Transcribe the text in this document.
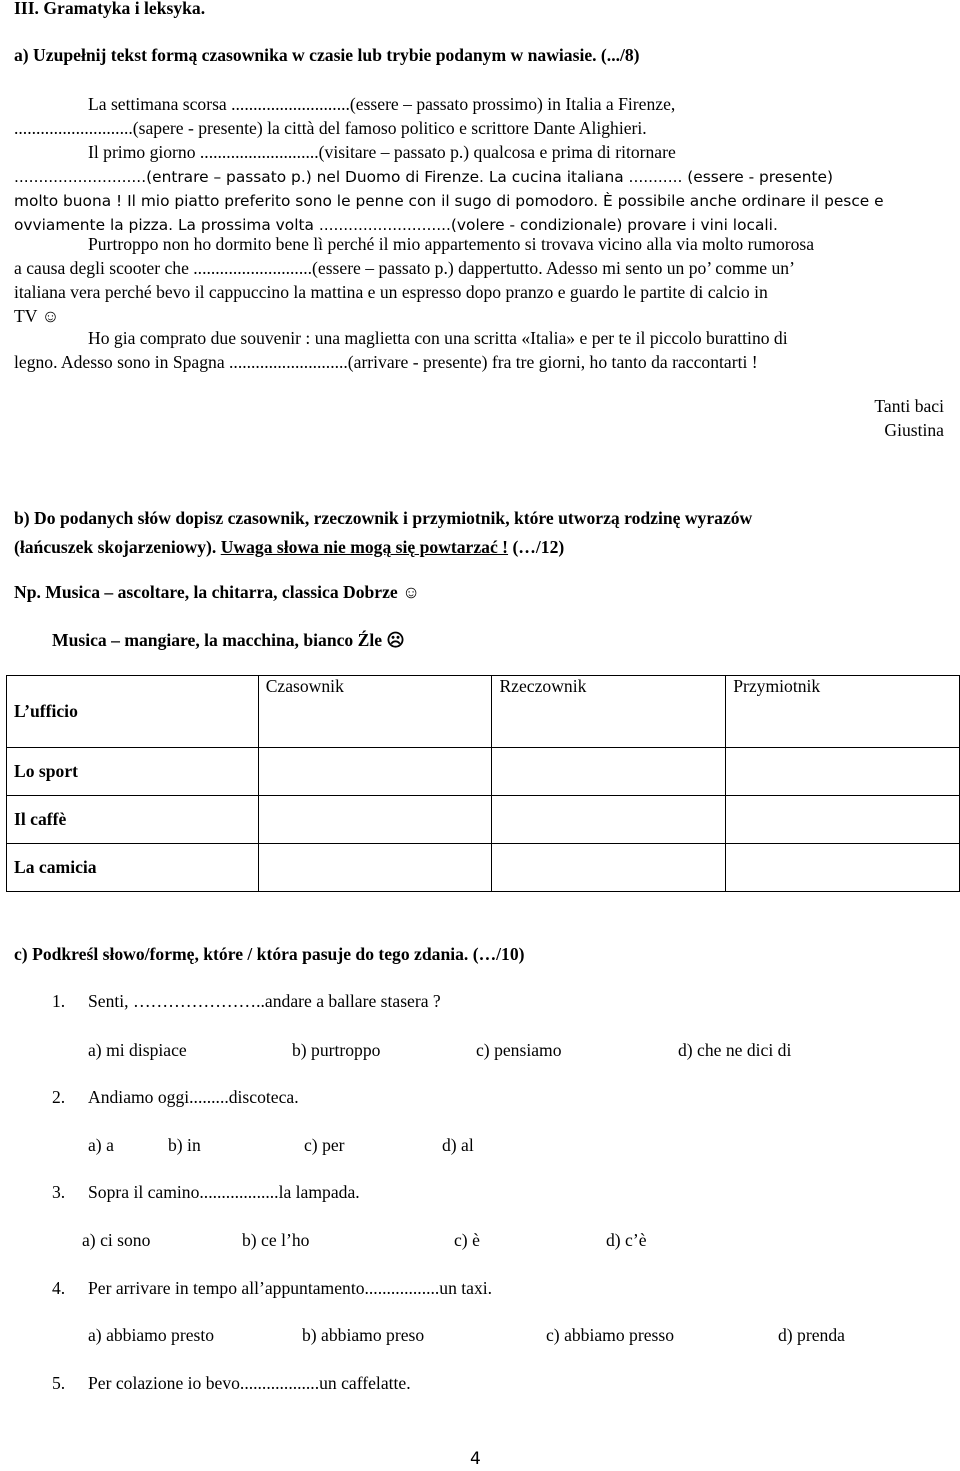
III. Gramatyka i leksyka.
a) Uzupełnij tekst formą czasownika w czasie lub trybie podanym w nawiasie. (.../8)
La settimana scorsa ...........................(essere – passato prossimo) in Italia a Firenze,
...........................(sapere - presente) la città del famoso politico e scrittore Dante Alighieri.
Il primo giorno ...........................(visitare – passato p.) qualcosa e prima di ritornare
...........................(entrare – passato p.) nel Duomo di Firenze. La cucina italiana ........... (essere - presente)
molto buona ! Il mio piatto preferito sono le penne con il sugo di pomodoro. È possibile anche ordinare il pesce e
ovviamente la pizza. La prossima volta ...........................(volere - condizionale) provare i vini locali.
Purtroppo non ho dormito bene lì perché il mio appartemento si trovava vicino alla via molto rumorosa
a causa degli scooter che ...........................(essere – passato p.) dappertutto. Adesso mi sento un po’ comme un’
italiana vera perché bevo il cappuccino la mattina e un espresso dopo pranzo e guardo le partite di calcio in
TV ☺
Ho gia comprato due souvenir : una maglietta con una scritta «Italia» e per te il piccolo burattino di
legno. Adesso sono in Spagna ...........................(arrivare - presente) fra tre giorni, ho tanto da raccontarti !
Tanti baci
Giustina
b) Do podanych słów dopisz czasownik, rzeczownik i przymiotnik, które utworzą rodzinę wyrazów
(łańcuszek skojarzeniowy). Uwaga słowa nie mogą się powtarzać ! (…/12)
Np. Musica – ascoltare, la chitarra, classica Dobrze ☺
Musica – mangiare, la macchina, bianco Źle ☹
L’ufficio	Czasownik	Rzeczownik	Przymiotnik
Lo sport			
Il caffè			
La camicia			
c) Podkreśl słowo/formę, które / która pasuje do tego zdania. (…/10)
1. Senti, …………………..andare a ballare stasera ?
a) mi dispiace	b) purtroppo	c) pensiamo	d) che ne dici di
2. Andiamo oggi.........discoteca.
a) a	b) in	c) per	d) al
3. Sopra il camino..................la lampada.
a) ci sono	b) ce l’ho	c) è	d) c’è
4. Per arrivare in tempo all’appuntamento.................un taxi.
a) abbiamo presto	b) abbiamo preso	c) abbiamo presso	d) prenda
5. Per colazione io bevo..................un caffelatte.
4
